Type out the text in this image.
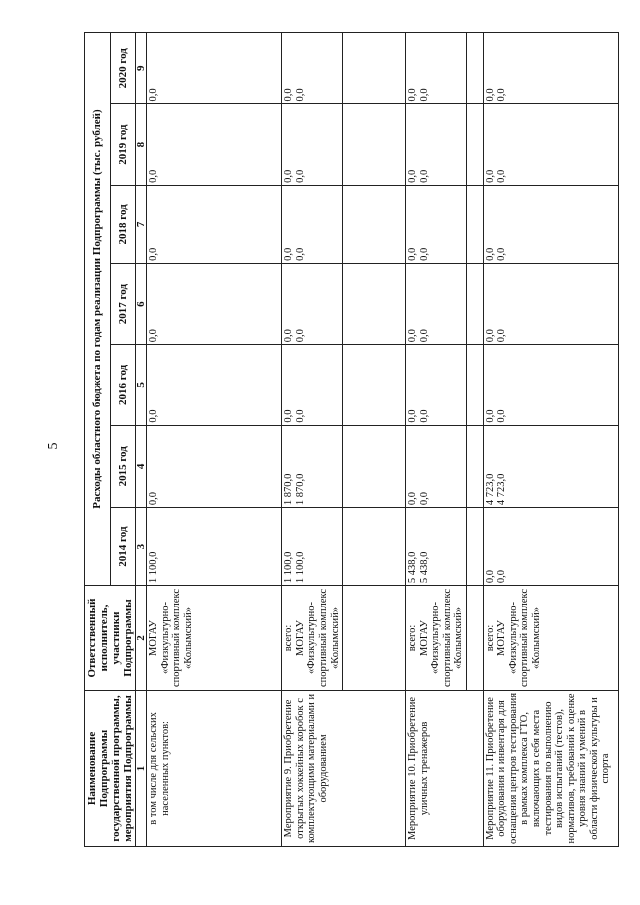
5
Наименование Подпрограммы государственной программы, мероприятия Подпрограммы	Ответственный исполнитель, участники Подпрограммы	Расходы областного бюджета по годам реализации Подпрограммы (тыс. рублей)						
		2014 год	2015 год	2016 год	2017 год	2018 год	2019 год	2020 год
1	2	3	4	5	6	7	8	9
в том числе для сельских населенных пунктов:	МОГАУ «Физкультурно-спортивный комплекс «Колымский»	1 100,0	0,0	0,0	0,0	0,0	0,0	0,0
Мероприятие 9. Приобретение открытых хоккейных коробок с комплектующими материалами и оборудованием	всего: МОГАУ «Физкультурно-спортивный комплекс «Колымский»	1 100,0 1 100,0	1 870,0 1 870,0	0,0 0,0	0,0 0,0	0,0 0,0	0,0 0,0	0,0 0,0

Мероприятие 10. Приобретение уличных тренажеров	всего: МОГАУ «Физкультурно-спортивный комплекс «Колымский»	5 438,0 5 438,0	0,0 0,0	0,0 0,0	0,0 0,0	0,0 0,0	0,0 0,0	0,0 0,0

Мероприятие 11. Приобретение оборудования и инвентаря для оснащения центров тестирования в рамках комплекса ГТО, включающих в себя места тестирования по выполнению видов испытаний (тестов), нормативов, требований к оценке уровня знаний и умений в области физической культуры и спорта	всего: МОГАУ «Физкультурно-спортивный комплекс «Колымский»	0,0 0,0	4 723,0 4 723,0	0,0 0,0	0,0 0,0	0,0 0,0	0,0 0,0	0,0 0,0
